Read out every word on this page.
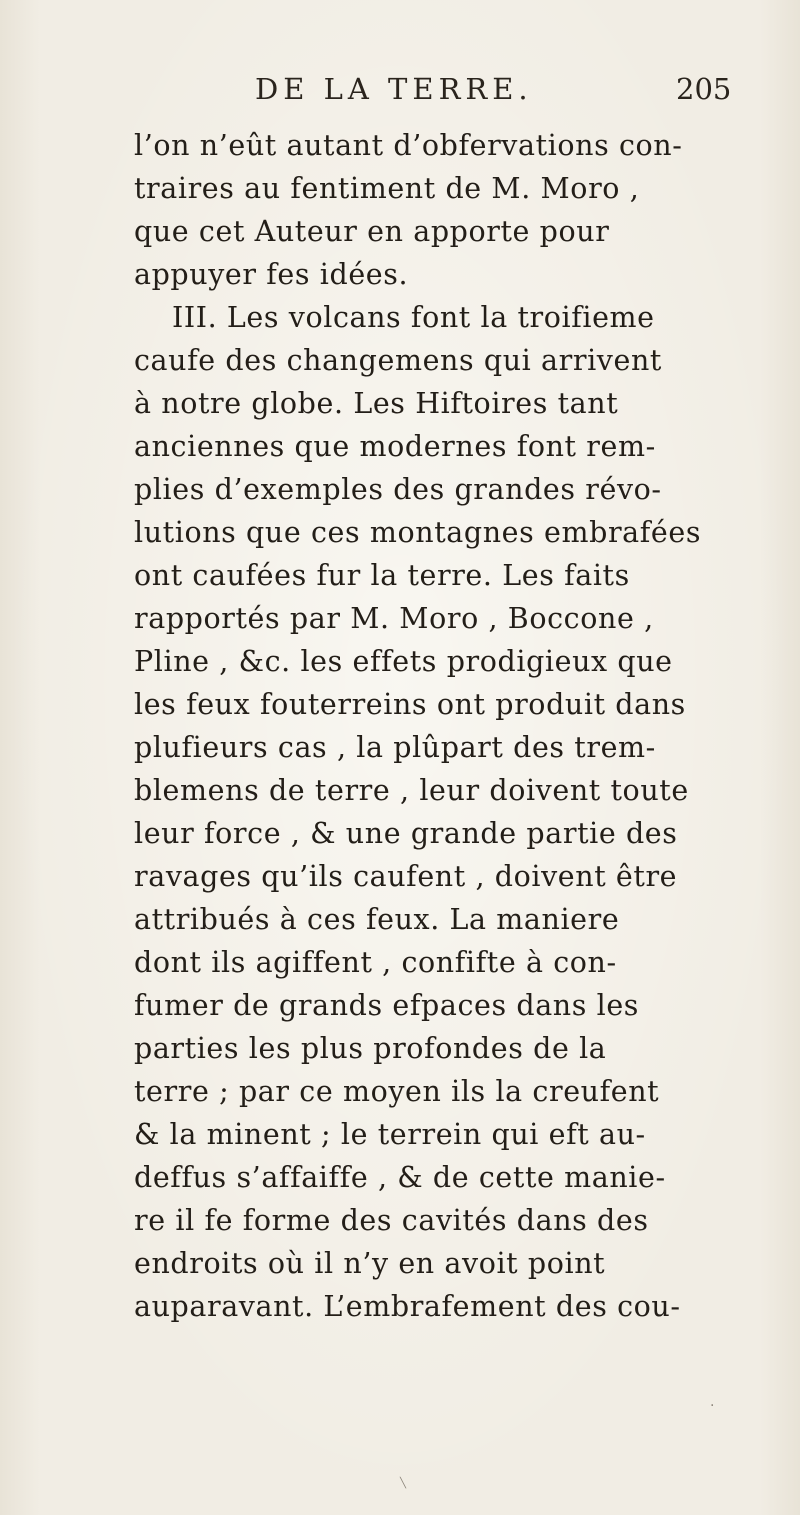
DE LA TERRE.	205
l’on n’eût autant d’obfervations con-
traires au fentiment de M. Moro ,
que cet Auteur en apporte pour
appuyer fes idées.
III. Les volcans font la troifieme
caufe des changemens qui arrivent
à notre globe. Les Hiftoires tant
anciennes que modernes font rem-
plies d’exemples des grandes révo-
lutions que ces montagnes embrafées
ont caufées fur la terre. Les faits
rapportés par M. Moro , Boccone ,
Pline , &c. les effets prodigieux que
les feux fouterreins ont produit dans
plufieurs cas , la plûpart des trem-
blemens de terre , leur doivent toute
leur force , & une grande partie des
ravages qu’ils caufent , doivent être
attribués à ces feux. La maniere
dont ils agiffent , confifte à con-
fumer de grands efpaces dans les
parties les plus profondes de la
terre ; par ce moyen ils la creufent
& la minent ; le terrein qui eft au-
deffus s’affaiffe , & de cette manie-
re il fe forme des cavités dans des
endroits où il n’y en avoit point
auparavant. L’embrafement des cou-
·
╲
